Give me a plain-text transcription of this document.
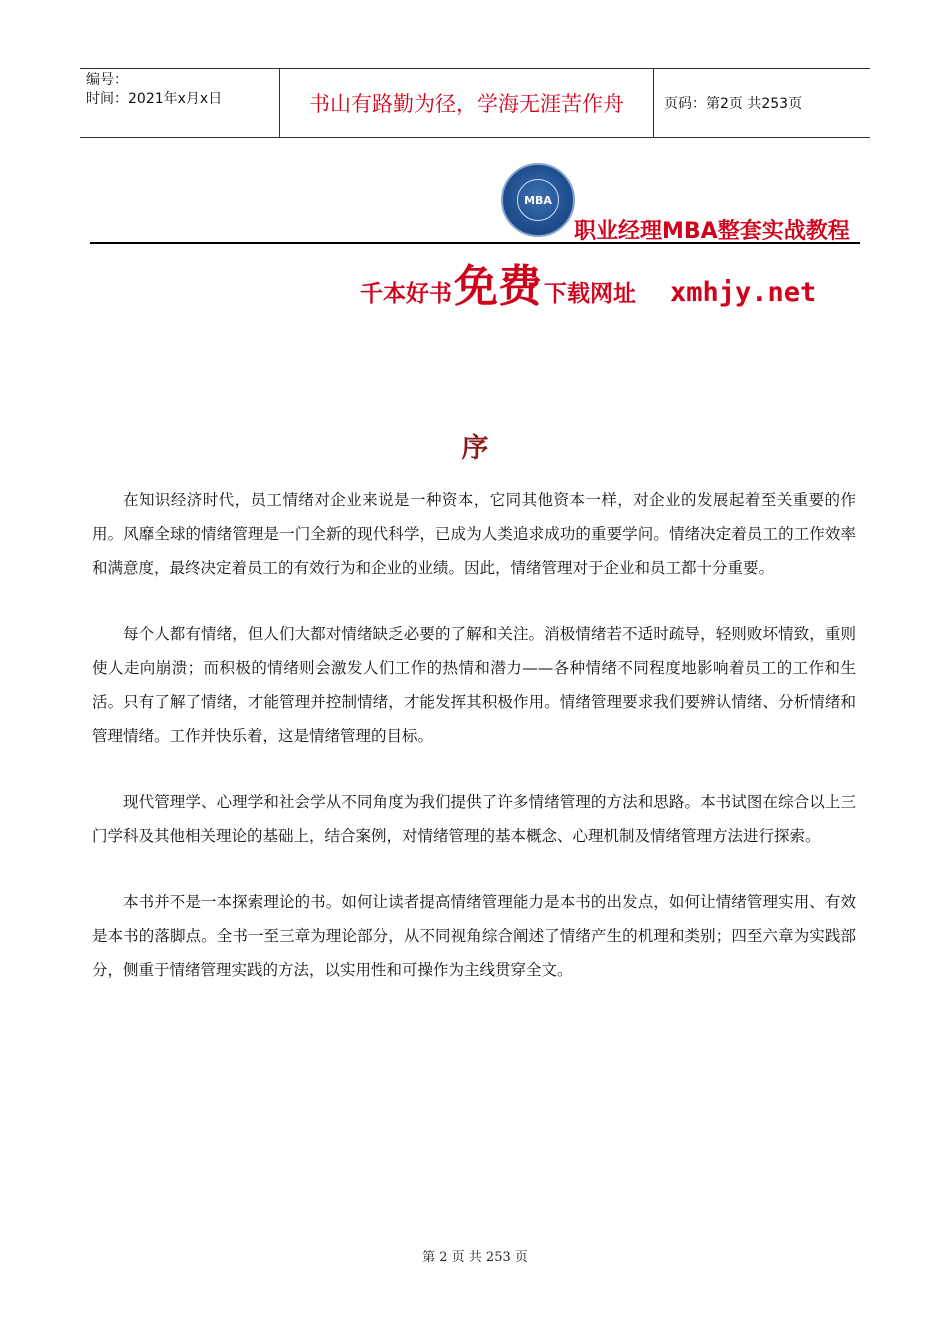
编号：
时间：2021年x月x日	书山有路勤为径，学海无涯苦作舟	页码：第2页 共253页
MBA
职业经理MBA整套实战教程
千本好书 免费 下载网址 xmhjy.net
序

在知识经济时代，员工情绪对企业来说是一种资本，它同其他资本一样，对企业的发展起着至关重要的作用。风靡全球的情绪管理是一门全新的现代科学，已成为人类追求成功的重要学问。情绪决定着员工的工作效率和满意度，最终决定着员工的有效行为和企业的业绩。因此，情绪管理对于企业和员工都十分重要。

每个人都有情绪，但人们大都对情绪缺乏必要的了解和关注。消极情绪若不适时疏导，轻则败坏情致，重则使人走向崩溃；而积极的情绪则会激发人们工作的热情和潜力——各种情绪不同程度地影响着员工的工作和生活。只有了解了情绪，才能管理并控制情绪，才能发挥其积极作用。情绪管理要求我们要辨认情绪、分析情绪和管理情绪。工作并快乐着，这是情绪管理的目标。

现代管理学、心理学和社会学从不同角度为我们提供了许多情绪管理的方法和思路。本书试图在综合以上三门学科及其他相关理论的基础上，结合案例，对情绪管理的基本概念、心理机制及情绪管理方法进行探索。

本书并不是一本探索理论的书。如何让读者提高情绪管理能力是本书的出发点，如何让情绪管理实用、有效是本书的落脚点。全书一至三章为理论部分，从不同视角综合阐述了情绪产生的机理和类别；四至六章为实践部分，侧重于情绪管理实践的方法，以实用性和可操作为主线贯穿全文。

第 2 页 共 253 页
